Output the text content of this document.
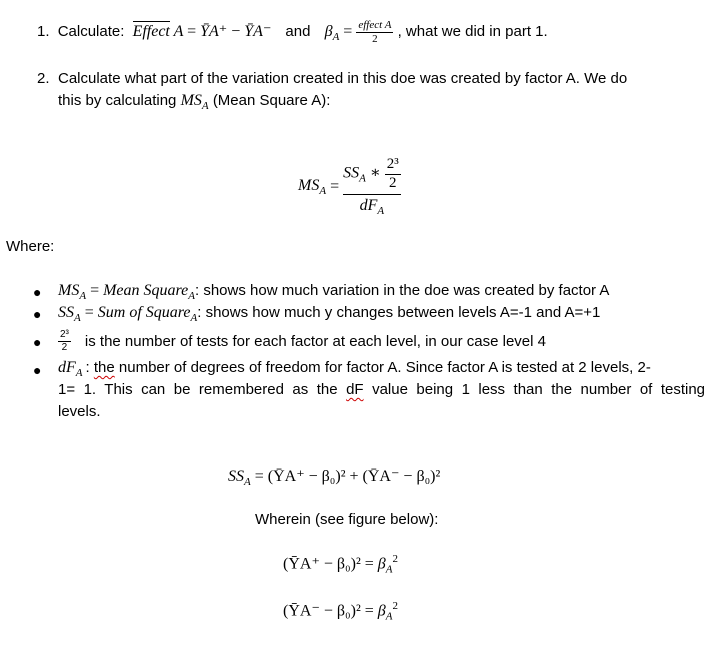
1. Calculate: Effect A = ȲA⁺ − ȲA⁻ and $\beta_A = \frac{\text{effect A}}{2}$ , what we did in part 1.
2. Calculate what part of the variation created in this doe was created by factor A. We do
this by calculating $MS_A$ (Mean Square A):
$MS_A = \frac{SS_A ∗ \frac{\text{2³}}{2}}{dF_A}$
Where:
● $MS_A$ = Mean Square$_A$: shows how much variation in the doe was created by factor A
● $SS_A$ = Sum of Square$_A$: shows how much y changes between levels A=-1 and A=+1
● $\frac{\text{2³}}{2}$ is the number of tests for each factor at each level, in our case level 4
● $dF_A$ : the number of degrees of freedom for factor A. Since factor A is tested at 2 levels, 2-
1= 1. This can be remembered as the dF value being 1 less than the number of testing
levels.
$SS_A$ = (ȲA⁺ − β₀)² + (ȲA⁻ − β₀)²
Wherein (see figure below):
(ȲA⁺ − $\beta_0)^2 = \beta_A^2$
(ȲA⁻ − $\beta_0)^2 = \beta_A^2$
